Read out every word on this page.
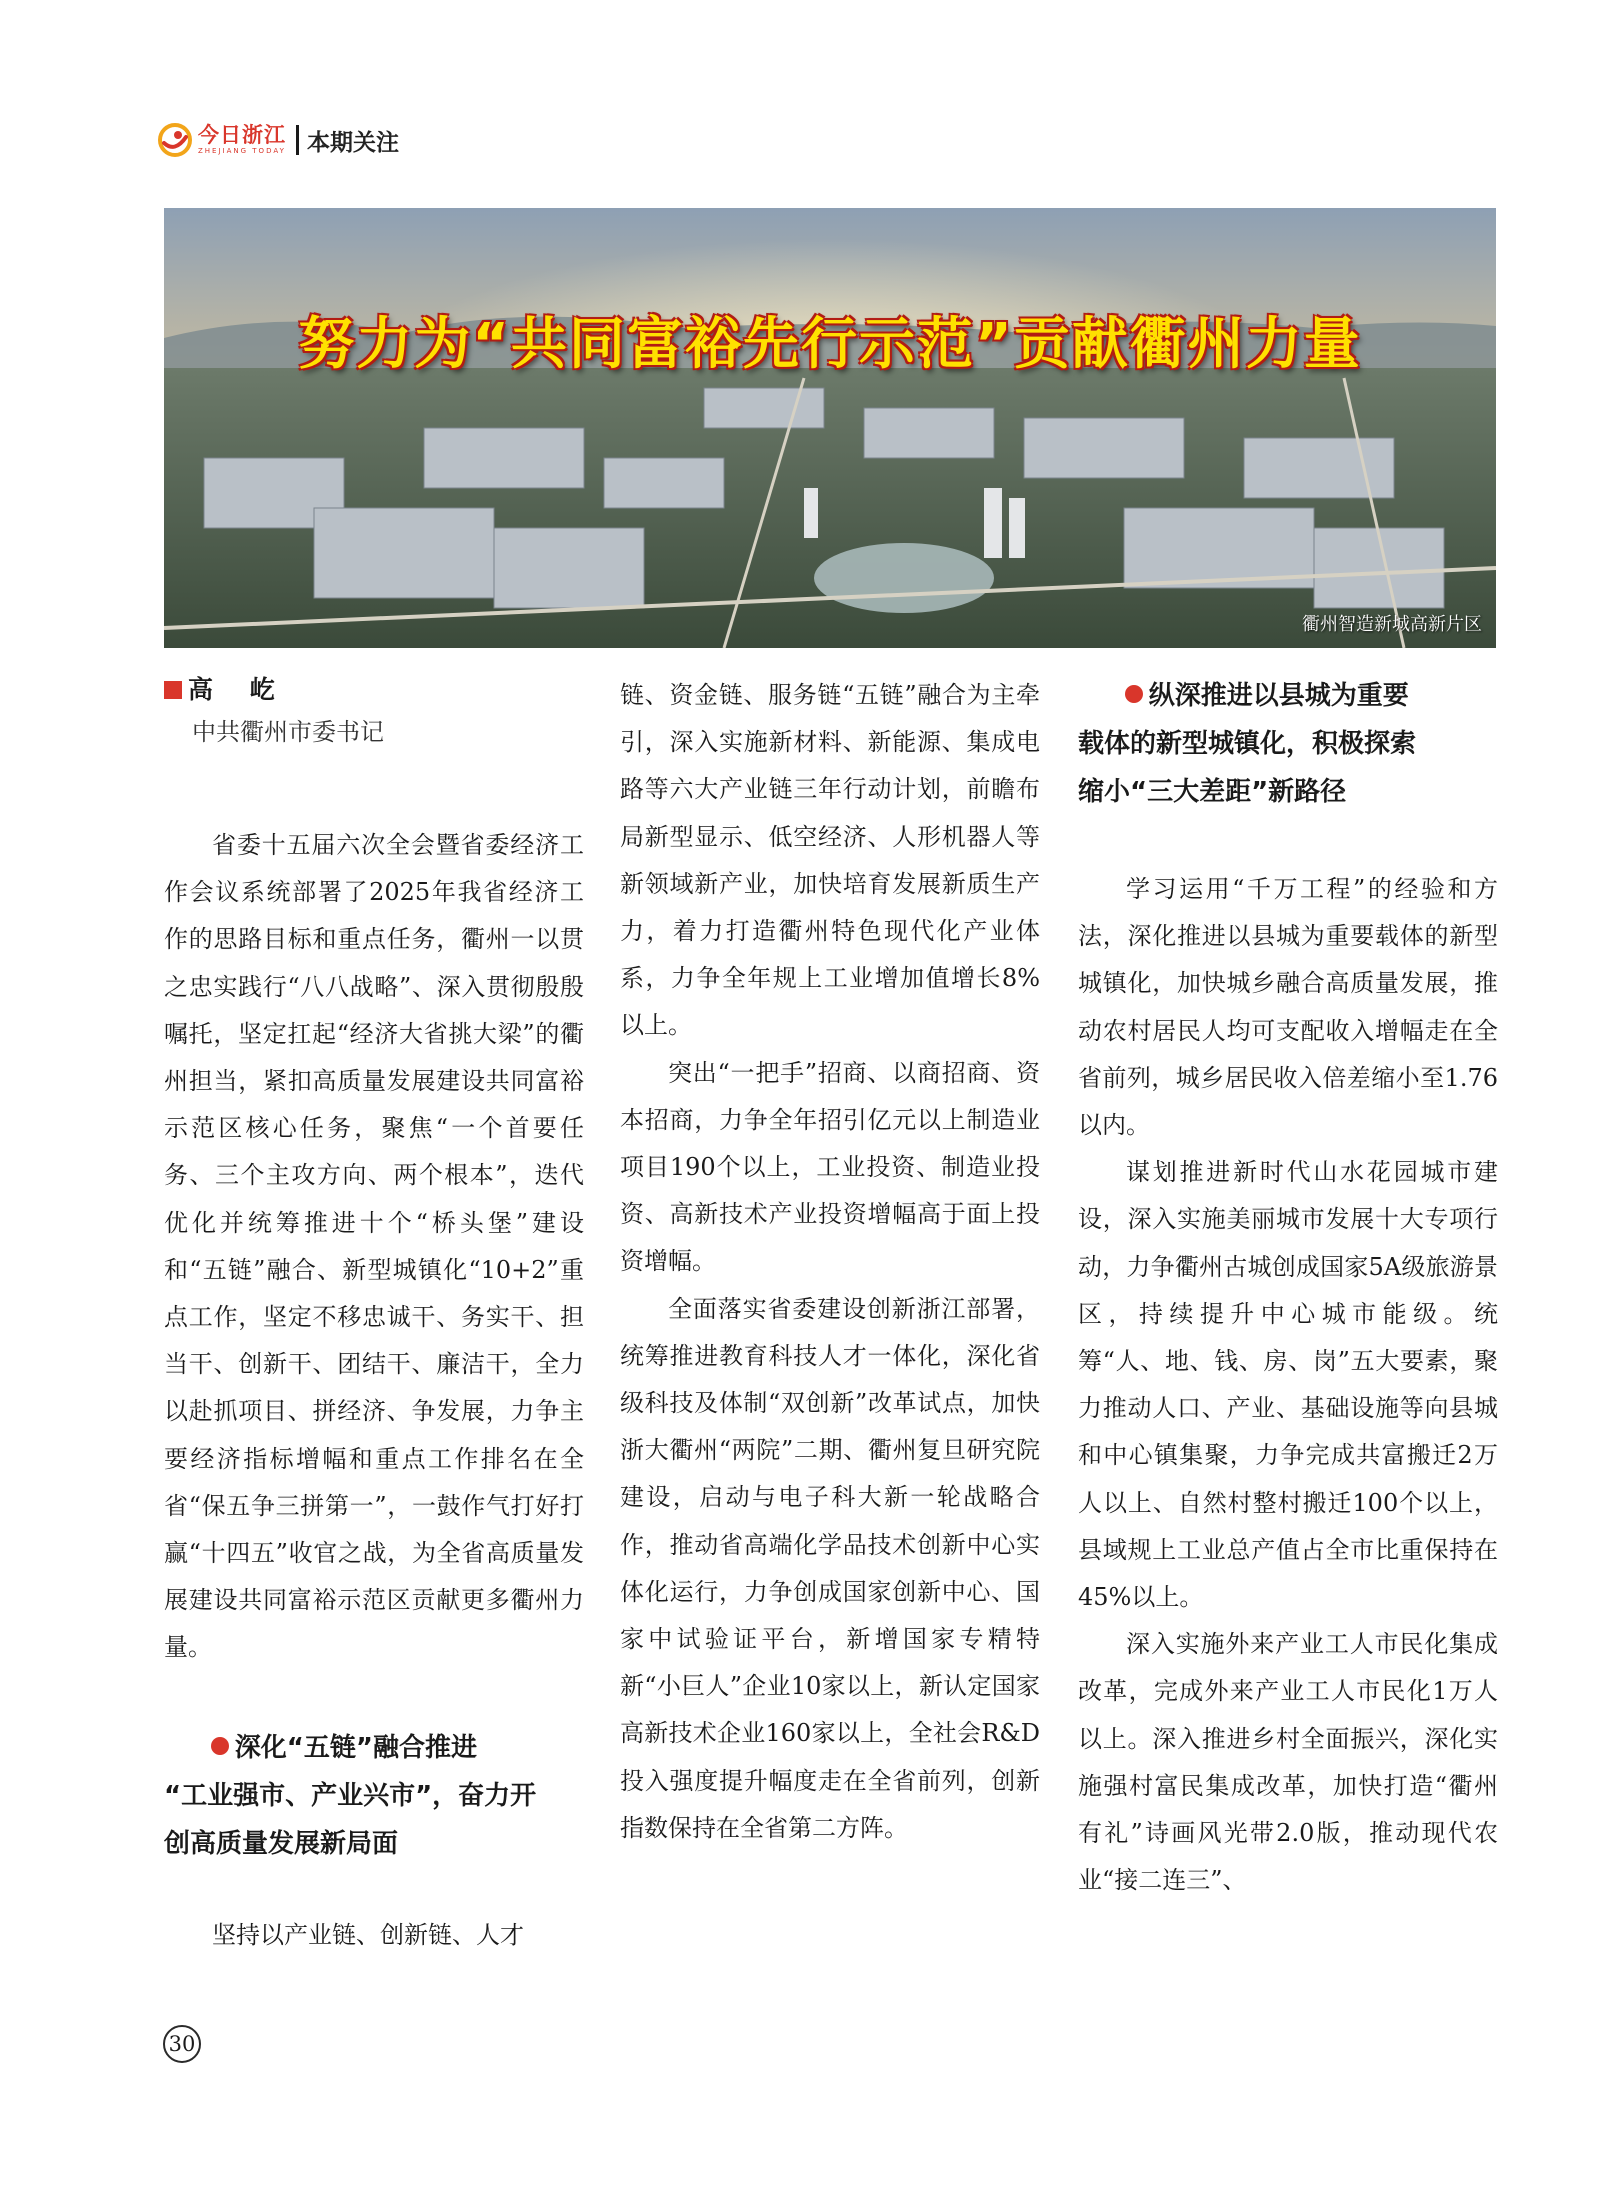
今日浙江
ZHEJIANG TODAY 本期关注
努力为“共同富裕先行示范”贡献衢州力量
衢州智造新城高新片区
高 屹
中共衢州市委书记

省委十五届六次全会暨省委经济工作会议系统部署了2025年我省经济工作的思路目标和重点任务，衢州一以贯之忠实践行“八八战略”、深入贯彻殷殷嘱托，坚定扛起“经济大省挑大梁”的衢州担当，紧扣高质量发展建设共同富裕示范区核心任务，聚焦“一个首要任务、三个主攻方向、两个根本”，迭代优化并统筹推进十个“桥头堡”建设和“五链”融合、新型城镇化“10+2”重点工作，坚定不移忠诚干、务实干、担当干、创新干、团结干、廉洁干，全力以赴抓项目、拼经济、争发展，力争主要经济指标增幅和重点工作排名在全省“保五争三拼第一”，一鼓作气打好打赢“十四五”收官之战，为全省高质量发展建设共同富裕示范区贡献更多衢州力量。

深化“五链”融合推进
“工业强市、产业兴市”，奋力开
创高质量发展新局面

坚持以产业链、创新链、人才

链、资金链、服务链“五链”融合为主牵引，深入实施新材料、新能源、集成电路等六大产业链三年行动计划，前瞻布局新型显示、低空经济、人形机器人等新领域新产业，加快培育发展新质生产力，着力打造衢州特色现代化产业体系，力争全年规上工业增加值增长8%以上。

突出“一把手”招商、以商招商、资本招商，力争全年招引亿元以上制造业项目190个以上，工业投资、制造业投资、高新技术产业投资增幅高于面上投资增幅。

全面落实省委建设创新浙江部署，统筹推进教育科技人才一体化，深化省级科技及体制“双创新”改革试点，加快浙大衢州“两院”二期、衢州复旦研究院建设，启动与电子科大新一轮战略合作，推动省高端化学品技术创新中心实体化运行，力争创成国家创新中心、国家中试验证平台，新增国家专精特新“小巨人”企业10家以上，新认定国家高新技术企业160家以上，全社会R&D投入强度提升幅度走在全省前列，创新指数保持在全省第二方阵。

纵深推进以县城为重要
载体的新型城镇化，积极探索
缩小“三大差距”新路径

学习运用“千万工程”的经验和方法，深化推进以县城为重要载体的新型城镇化，加快城乡融合高质量发展，推动农村居民人均可支配收入增幅走在全省前列，城乡居民收入倍差缩小至1.76以内。

谋划推进新时代山水花园城市建设，深入实施美丽城市发展十大专项行动，力争衢州古城创成国家5A级旅游景区，持续提升中心城市能级。统筹“人、地、钱、房、岗”五大要素，聚力推动人口、产业、基础设施等向县城和中心镇集聚，力争完成共富搬迁2万人以上、自然村整村搬迁100个以上，县域规上工业总产值占全市比重保持在45%以上。

深入实施外来产业工人市民化集成改革，完成外来产业工人市民化1万人以上。深入推进乡村全面振兴，深化实施强村富民集成改革，加快打造“衢州有礼”诗画风光带2.0版，推动现代农业“接二连三”、

30
